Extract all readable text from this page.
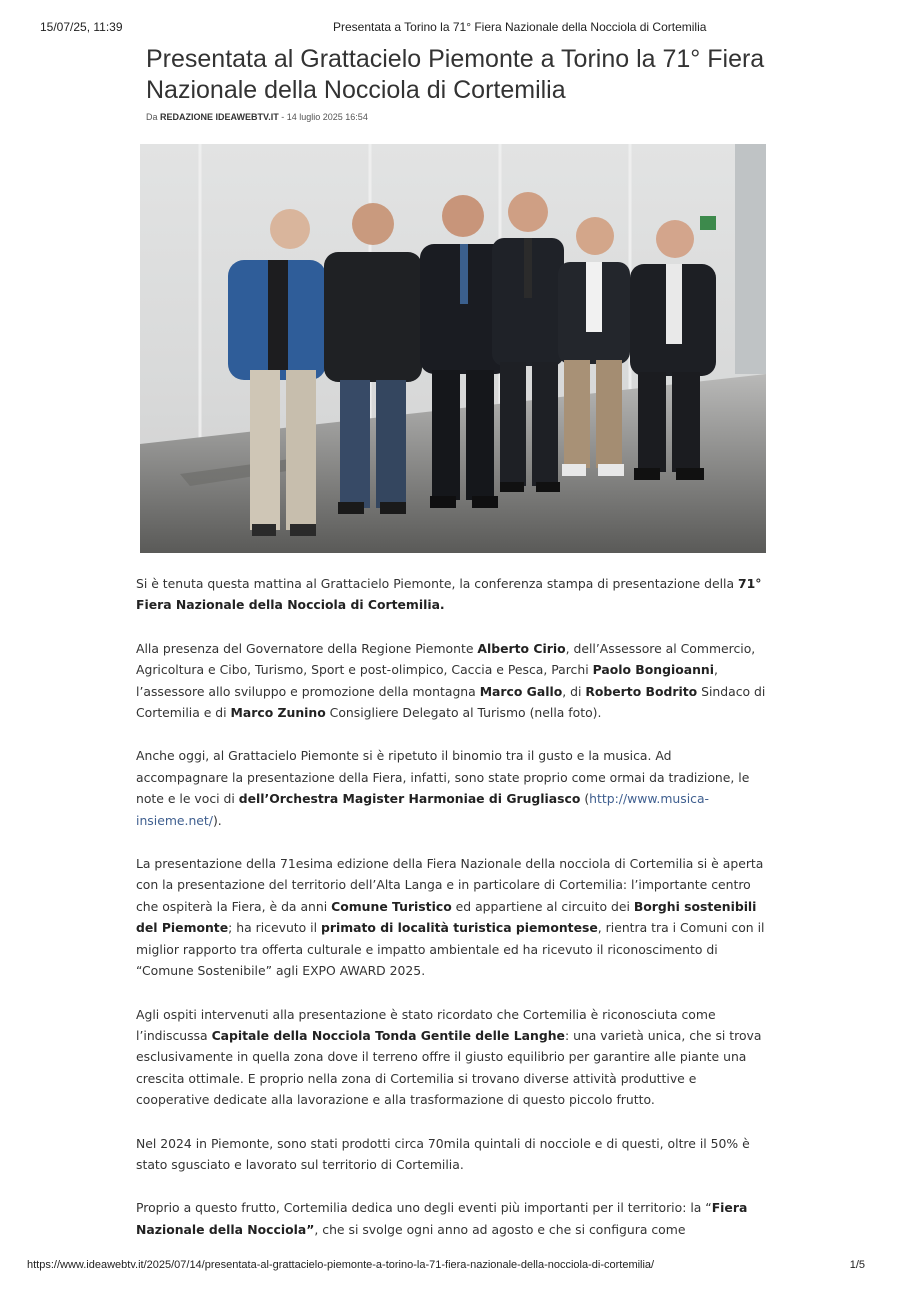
15/07/25, 11:39	Presentata a Torino la 71° Fiera Nazionale della Nocciola di Cortemilia
Presentata al Grattacielo Piemonte a Torino la 71° Fiera Nazionale della Nocciola di Cortemilia
Da REDAZIONE IDEAWEBTV.IT - 14 luglio 2025 16:54

Si è tenuta questa mattina al Grattacielo Piemonte, la conferenza stampa di presentazione della 71° Fiera Nazionale della Nocciola di Cortemilia.

Alla presenza del Governatore della Regione Piemonte Alberto Cirio, dell’Assessore al Commercio, Agricoltura e Cibo, Turismo, Sport e post-olimpico, Caccia e Pesca, Parchi Paolo Bongioanni, l’assessore allo sviluppo e promozione della montagna Marco Gallo, di Roberto Bodrito Sindaco di Cortemilia e di Marco Zunino Consigliere Delegato al Turismo (nella foto).

Anche oggi, al Grattacielo Piemonte si è ripetuto il binomio tra il gusto e la musica. Ad accompagnare la presentazione della Fiera, infatti, sono state proprio come ormai da tradizione, le note e le voci di dell’Orchestra Magister Harmoniae di Grugliasco (http://www.musica-insieme.net/).

La presentazione della 71esima edizione della Fiera Nazionale della nocciola di Cortemilia si è aperta con la presentazione del territorio dell’Alta Langa e in particolare di Cortemilia: l’importante centro che ospiterà la Fiera, è da anni Comune Turistico ed appartiene al circuito dei Borghi sostenibili del Piemonte; ha ricevuto il primato di località turistica piemontese, rientra tra i Comuni con il miglior rapporto tra offerta culturale e impatto ambientale ed ha ricevuto il riconoscimento di “Comune Sostenibile” agli EXPO AWARD 2025.

Agli ospiti intervenuti alla presentazione è stato ricordato che Cortemilia è riconosciuta come l’indiscussa Capitale della Nocciola Tonda Gentile delle Langhe: una varietà unica, che si trova esclusivamente in quella zona dove il terreno offre il giusto equilibrio per garantire alle piante una crescita ottimale. E proprio nella zona di Cortemilia si trovano diverse attività produttive e cooperative dedicate alla lavorazione e alla trasformazione di questo piccolo frutto.

Nel 2024 in Piemonte, sono stati prodotti circa 70mila quintali di nocciole e di questi, oltre il 50% è stato sgusciato e lavorato sul territorio di Cortemilia.

Proprio a questo frutto, Cortemilia dedica uno degli eventi più importanti per il territorio: la “Fiera Nazionale della Nocciola”, che si svolge ogni anno ad agosto e che si configura come

https://www.ideawebtv.it/2025/07/14/presentata-al-grattacielo-piemonte-a-torino-la-71-fiera-nazionale-della-nocciola-di-cortemilia/	1/5
